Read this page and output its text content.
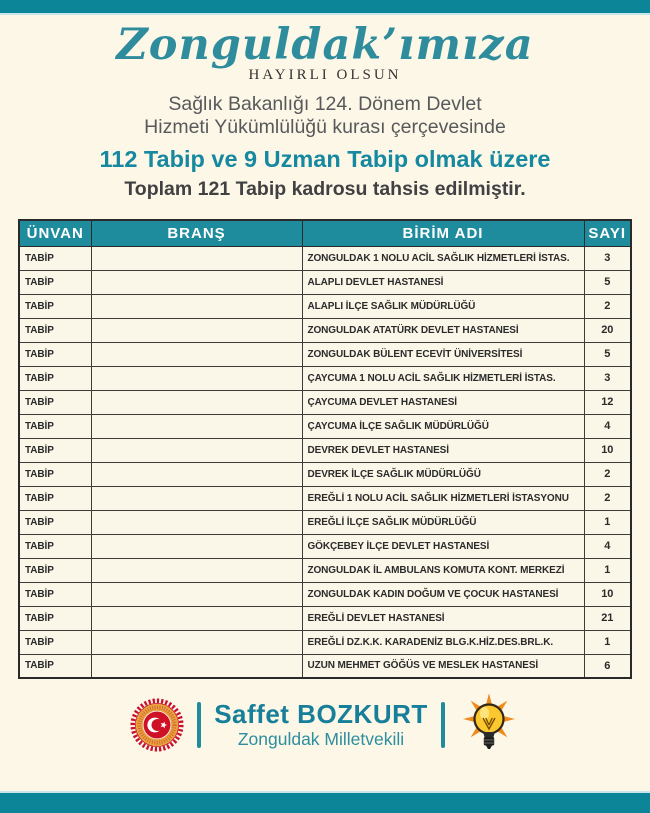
Zonguldak’ımıza
HAYIRLI OLSUN
Sağlık Bakanlığı 124. Dönem Devlet
Hizmeti Yükümlülüğü kurası çerçevesinde
112 Tabip ve 9 Uzman Tabip olmak üzere
Toplam 121 Tabip kadrosu tahsis edilmiştir.
ÜNVAN	BRANŞ	BİRİM ADI	SAYI
TABİP		ZONGULDAK 1 NOLU ACİL SAĞLIK HİZMETLERİ İSTAS.	3
TABİP		ALAPLI DEVLET HASTANESİ	5
TABİP		ALAPLI İLÇE SAĞLIK MÜDÜRLÜĞÜ	2
TABİP		ZONGULDAK ATATÜRK DEVLET HASTANESİ	20
TABİP		ZONGULDAK BÜLENT ECEVİT ÜNİVERSİTESİ	5
TABİP		ÇAYCUMA 1 NOLU ACİL SAĞLIK HİZMETLERİ İSTAS.	3
TABİP		ÇAYCUMA DEVLET HASTANESİ	12
TABİP		ÇAYCUMA İLÇE SAĞLIK MÜDÜRLÜĞÜ	4
TABİP		DEVREK DEVLET HASTANESİ	10
TABİP		DEVREK İLÇE SAĞLIK MÜDÜRLÜĞÜ	2
TABİP		EREĞLİ 1 NOLU ACİL SAĞLIK HİZMETLERİ İSTASYONU	2
TABİP		EREĞLİ İLÇE SAĞLIK MÜDÜRLÜĞÜ	1
TABİP		GÖKÇEBEY İLÇE DEVLET HASTANESİ	4
TABİP		ZONGULDAK İL AMBULANS KOMUTA KONT. MERKEZİ	1
TABİP		ZONGULDAK KADIN DOĞUM VE ÇOCUK HASTANESİ	10
TABİP		EREĞLİ DEVLET HASTANESİ	21
TABİP		EREĞLİ DZ.K.K. KARADENİZ BLG.K.HİZ.DES.BRL.K.	1
TABİP		UZUN MEHMET GÖĞÜS VE MESLEK HASTANESİ	6
Saffet BOZKURT
Zonguldak Milletvekili
